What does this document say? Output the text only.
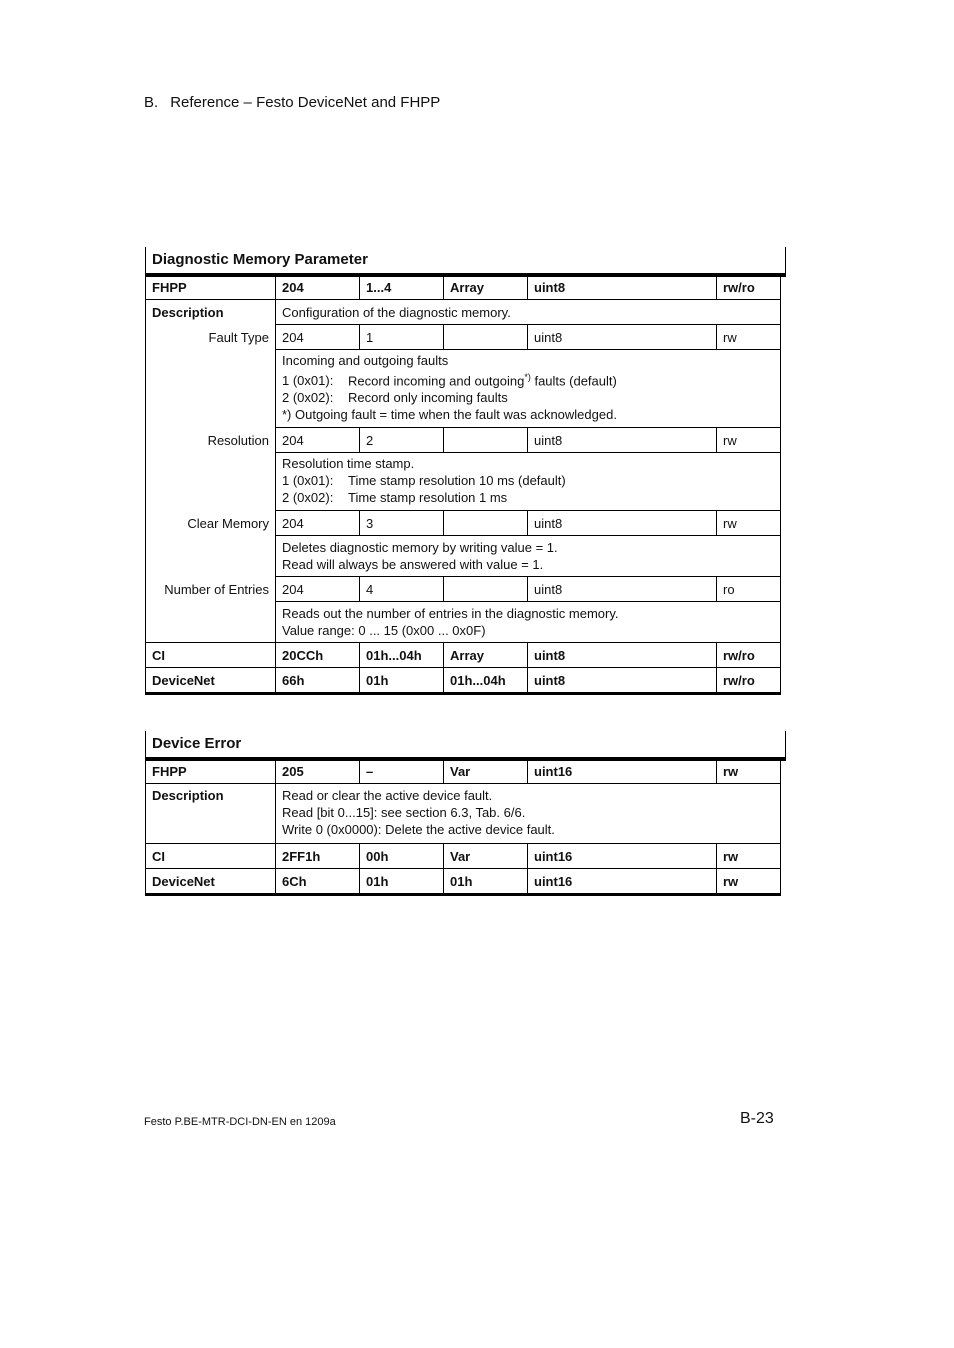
B. Reference – Festo DeviceNet and FHPP
Diagnostic Memory Parameter
FHPP	204	1...4	Array	uint8	rw/ro
Description	Configuration of the diagnostic memory.				
Fault Type	204	1		uint8	rw

	Incoming and outgoing faults
1 (0x01): Record incoming and outgoing*) faults (default)
2 (0x02): Record only incoming faults
*) Outgoing fault = time when the fault was acknowledged.				

Resolution	204	2		uint8	rw

	Resolution time stamp.
1 (0x01): Time stamp resolution 10 ms (default)
2 (0x02): Time stamp resolution 1 ms				

Clear Memory	204	3		uint8	rw

	Deletes diagnostic memory by writing value = 1.
Read will always be answered with value = 1.				

Number of Entries	204	4		uint8	ro

	Reads out the number of entries in the diagnostic memory.
Value range: 0 ... 15 (0x00 ... 0x0F)				

CI	20CCh	01h...04h	Array	uint8	rw/ro
DeviceNet	66h	01h	01h...04h	uint8	rw/ro
Device Error
FHPP	205	–	Var	uint16	rw
Description	Read or clear the active device fault.
Read [bit 0...15]: see section 6.3, Tab. 6/6.
Write 0 (0x0000): Delete the active device fault.				

CI	2FF1h	00h	Var	uint16	rw
DeviceNet	6Ch	01h	01h	uint16	rw
Festo P.BE-MTR-DCI-DN-EN en 1209a	B-23
